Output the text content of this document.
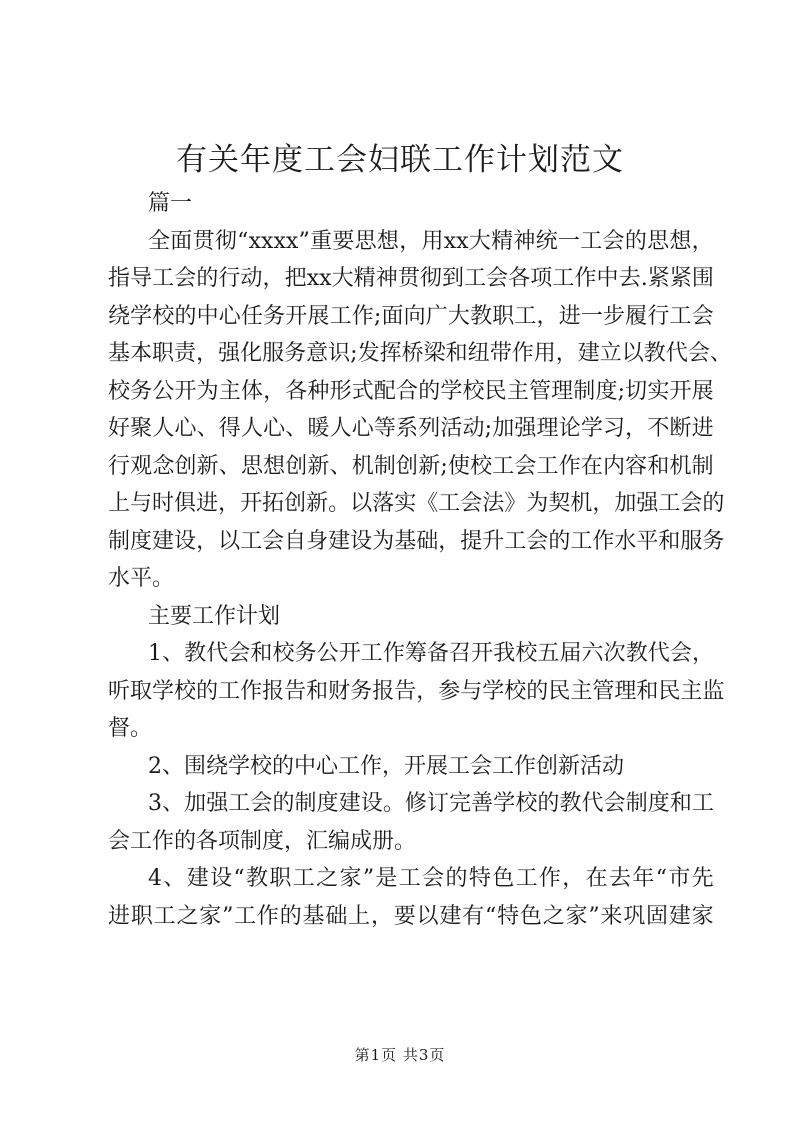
有关年度工会妇联工作计划范文
篇一
全 面 贯 彻 “ xxxx ” 重 要 思 想 ， 用 xx 大 精 神 统 一 工 会 的 思 想 ，
指 导 工 会 的 行 动 ， 把 xx 大 精 神 贯 彻 到 工 会 各 项 工 作 中 去 . 紧 紧 围
绕 学 校 的 中 心 任 务 开 展 工 作 ; 面 向 广 大 教 职 工 ， 进 一 步 履 行 工 会
基 本 职 责 ， 强 化 服 务 意 识 ; 发 挥 桥 梁 和 纽 带 作 用 ， 建 立 以 教 代 会 、
校 务 公 开 为 主 体 ， 各 种 形 式 配 合 的 学 校 民 主 管 理 制 度 ; 切 实 开 展
好 聚 人 心 、 得 人 心 、 暖 人 心 等 系 列 活 动 ; 加 强 理 论 学 习 ， 不 断 进
行 观 念 创 新 、 思 想 创 新 、 机 制 创 新 ; 使 校 工 会 工 作 在 内 容 和 机 制
上 与 时 俱 进 ， 开 拓 创 新 。 以 落 实 《 工 会 法 》 为 契 机 ， 加 强 工 会 的
制 度 建 设 ， 以 工 会 自 身 建 设 为 基 础 ， 提 升 工 会 的 工 作 水 平 和 服 务
水平。
主要工作计划
1 、 教 代 会 和 校 务 公 开 工 作 筹 备 召 开 我 校 五 届 六 次 教 代 会 ，
听 取 学 校 的 工 作 报 告 和 财 务 报 告 ， 参 与 学 校 的 民 主 管 理 和 民 主 监
督。
2、围绕学校的中心工作，开展工会工作创新活动
3 、 加 强 工 会 的 制 度 建 设 。 修 订 完 善 学 校 的 教 代 会 制 度 和 工
会工作的各项制度，汇编成册。
4 、 建 设 “ 教 职 工 之 家 ” 是 工 会 的 特 色 工 作 ， 在 去 年 “ 市 先
进 职 工 之 家 ” 工 作 的 基 础 上 ， 要 以 建 有 “ 特 色 之 家 ” 来 巩 固 建 家
第1页 共3页
